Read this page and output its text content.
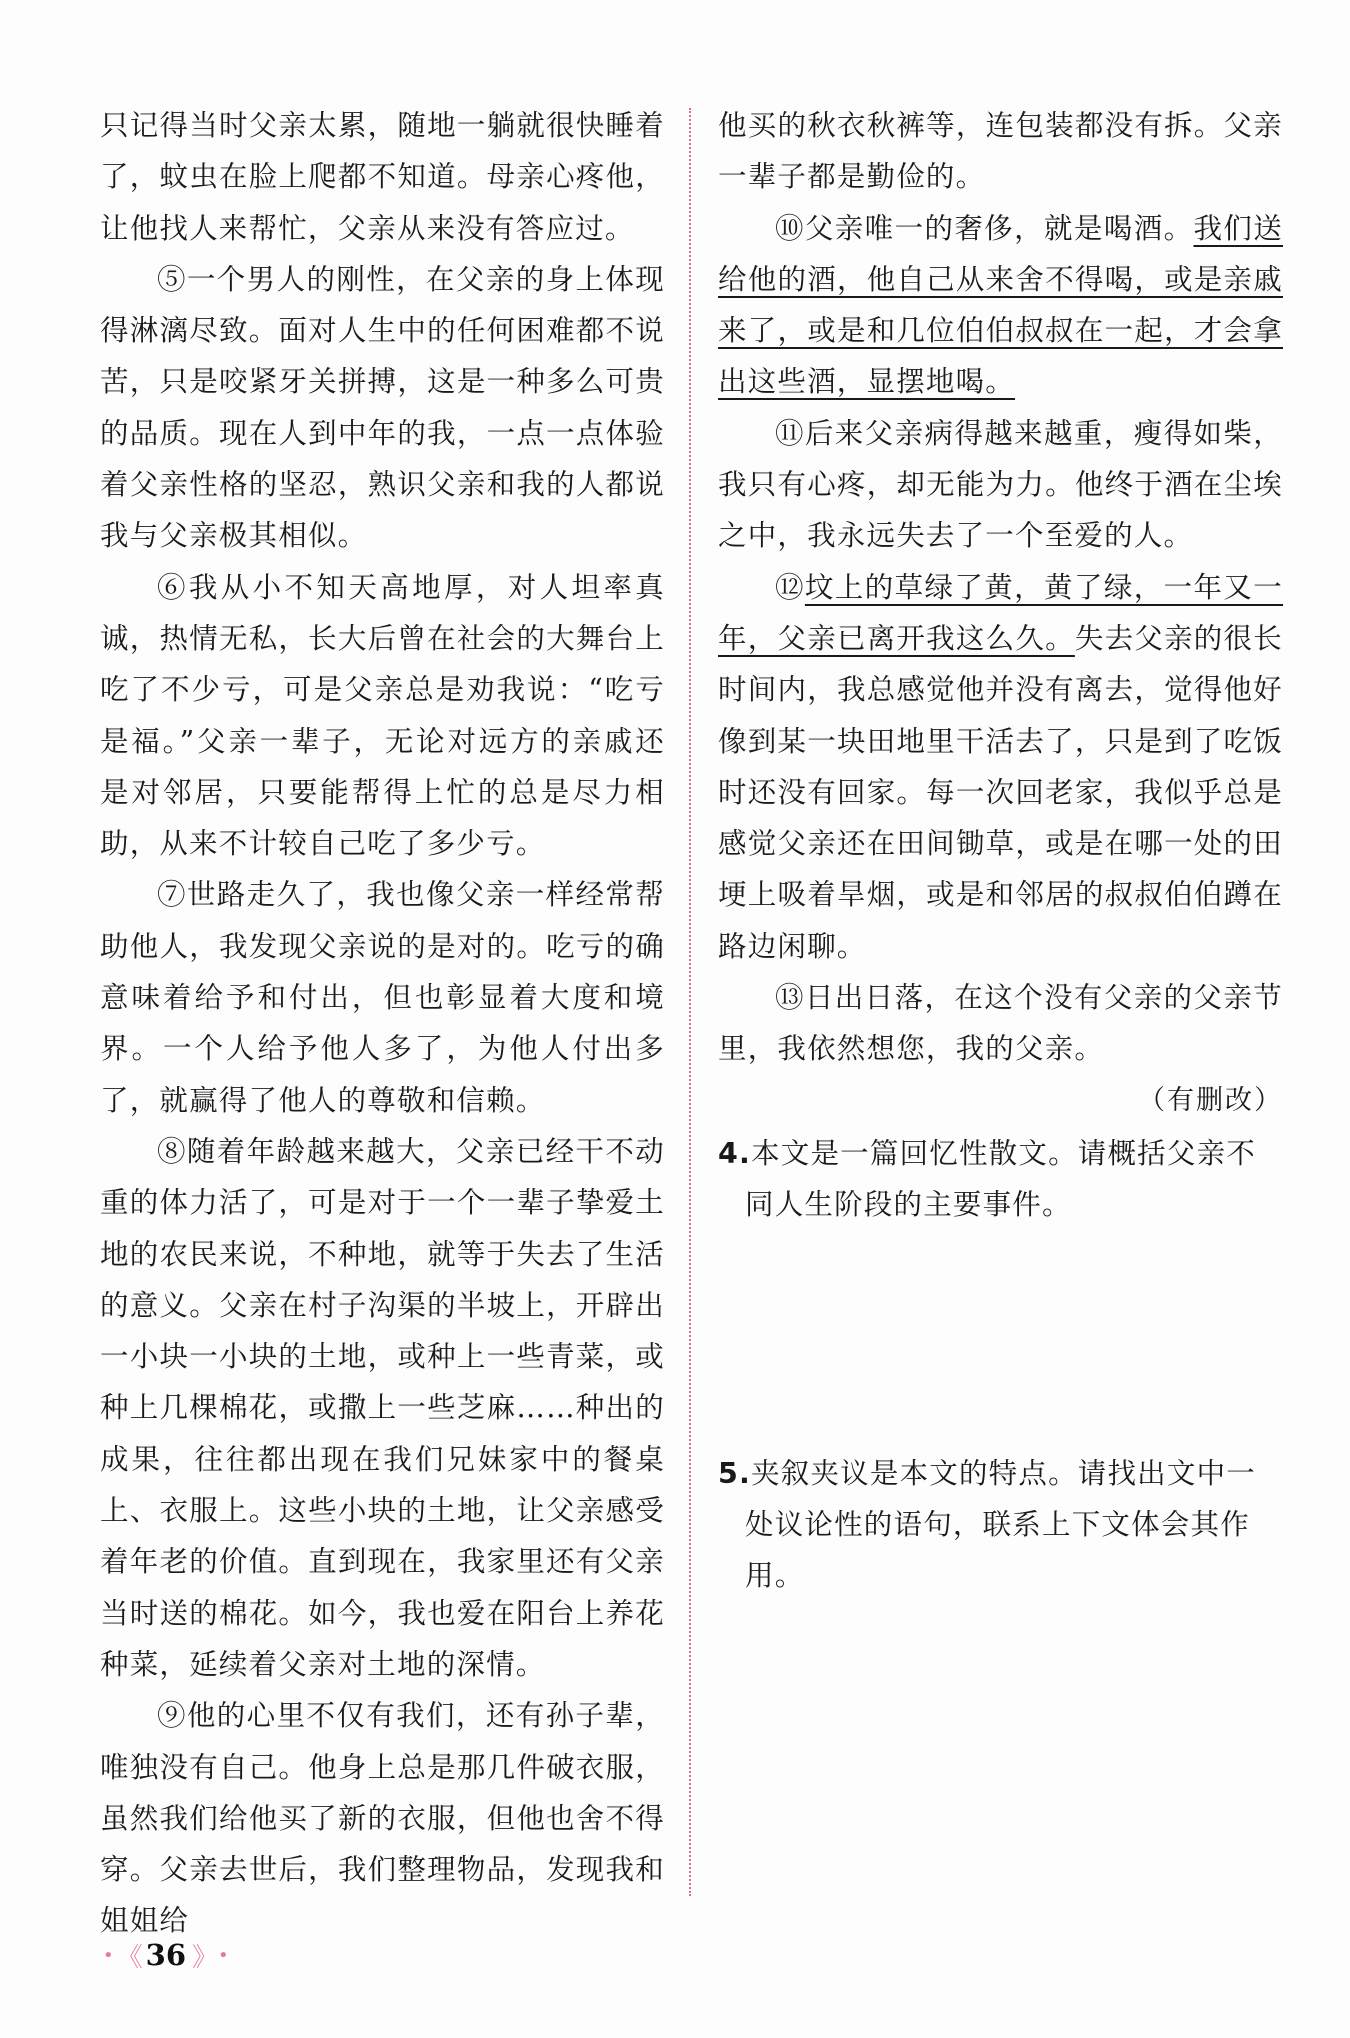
只记得当时父亲太累，随地一躺就很快睡着了，蚊虫在脸上爬都不知道。母亲心疼他，让他找人来帮忙，父亲从来没有答应过。

⑤一个男人的刚性，在父亲的身上体现得淋漓尽致。面对人生中的任何困难都不说苦，只是咬紧牙关拼搏，这是一种多么可贵的品质。现在人到中年的我，一点一点体验着父亲性格的坚忍，熟识父亲和我的人都说我与父亲极其相似。

⑥我从小不知天高地厚，对人坦率真诚，热情无私，长大后曾在社会的大舞台上吃了不少亏，可是父亲总是劝我说：“吃亏是福。”父亲一辈子，无论对远方的亲戚还是对邻居，只要能帮得上忙的总是尽力相助，从来不计较自己吃了多少亏。

⑦世路走久了，我也像父亲一样经常帮助他人，我发现父亲说的是对的。吃亏的确意味着给予和付出，但也彰显着大度和境界。一个人给予他人多了，为他人付出多了，就赢得了他人的尊敬和信赖。

⑧随着年龄越来越大，父亲已经干不动重的体力活了，可是对于一个一辈子挚爱土地的农民来说，不种地，就等于失去了生活的意义。父亲在村子沟渠的半坡上，开辟出一小块一小块的土地，或种上一些青菜，或种上几棵棉花，或撒上一些芝麻……种出的成果，往往都出现在我们兄妹家中的餐桌上、衣服上。这些小块的土地，让父亲感受着年老的价值。直到现在，我家里还有父亲当时送的棉花。如今，我也爱在阳台上养花种菜，延续着父亲对土地的深情。

⑨他的心里不仅有我们，还有孙子辈，唯独没有自己。他身上总是那几件破衣服，虽然我们给他买了新的衣服，但他也舍不得穿。父亲去世后，我们整理物品，发现我和姐姐给

他买的秋衣秋裤等，连包装都没有拆。父亲一辈子都是勤俭的。

⑩父亲唯一的奢侈，就是喝酒。我们送给他的酒，他自己从来舍不得喝，或是亲戚来了，或是和几位伯伯叔叔在一起，才会拿出这些酒，显摆地喝。

⑪后来父亲病得越来越重，瘦得如柴，我只有心疼，却无能为力。他终于酒在尘埃之中，我永远失去了一个至爱的人。

⑫坟上的草绿了黄，黄了绿，一年又一年，父亲已离开我这么久。失去父亲的很长时间内，我总感觉他并没有离去，觉得他好像到某一块田地里干活去了，只是到了吃饭时还没有回家。每一次回老家，我似乎总是感觉父亲还在田间锄草，或是在哪一处的田埂上吸着旱烟，或是和邻居的叔叔伯伯蹲在路边闲聊。

⑬日出日落，在这个没有父亲的父亲节里，我依然想您，我的父亲。

（有删改）

4.本文是一篇回忆性散文。请概括父亲不同人生阶段的主要事件。

5.夹叙夹议是本文的特点。请找出文中一处议论性的语句，联系上下文体会其作用。

• 《 36 》 •
